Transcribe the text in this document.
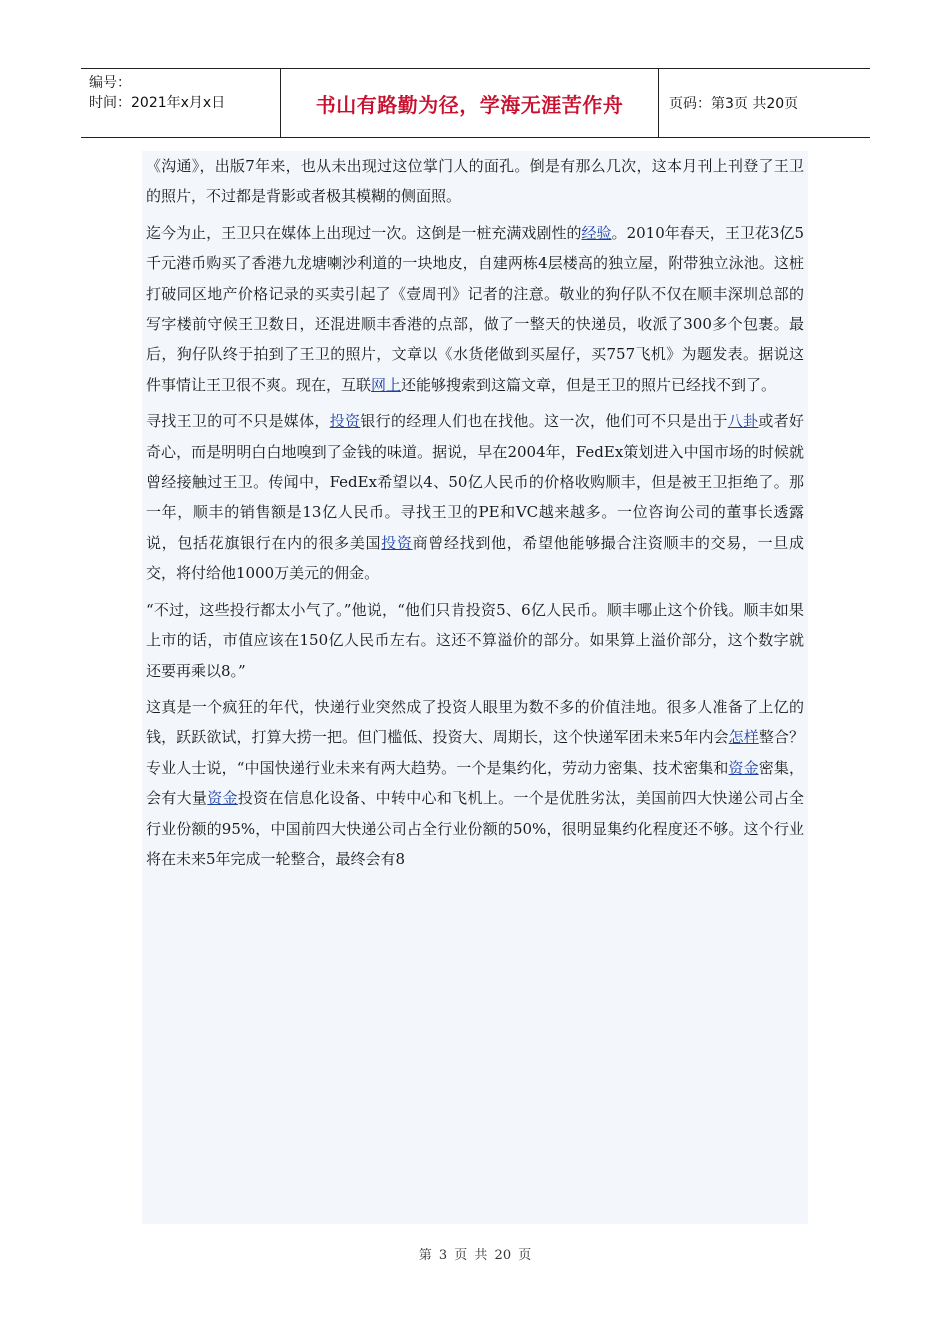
编号：
时间：2021年x月x日	书山有路勤为径，学海无涯苦作舟	页码：第3页 共20页

《沟通》，出版7年来，也从未出现过这位掌门人的面孔。倒是有那么几次，这本月刊上刊登了王卫的照片，不过都是背影或者极其模糊的侧面照。

迄今为止，王卫只在媒体上出现过一次。这倒是一桩充满戏剧性的经验。2010年春天，王卫花3亿5千元港币购买了香港九龙塘喇沙利道的一块地皮，自建两栋4层楼高的独立屋，附带独立泳池。这桩打破同区地产价格记录的买卖引起了《壹周刊》记者的注意。敬业的狗仔队不仅在顺丰深圳总部的写字楼前守候王卫数日，还混进顺丰香港的点部，做了一整天的快递员，收派了300多个包裹。最后，狗仔队终于拍到了王卫的照片，文章以《水货佬做到买屋仔，买757飞机》为题发表。据说这件事情让王卫很不爽。现在，互联网上还能够搜索到这篇文章，但是王卫的照片已经找不到了。

寻找王卫的可不只是媒体，投资银行的经理人们也在找他。这一次，他们可不只是出于八卦或者好奇心，而是明明白白地嗅到了金钱的味道。据说，早在2004年，FedEx策划进入中国市场的时候就曾经接触过王卫。传闻中，FedEx希望以4、50亿人民币的价格收购顺丰，但是被王卫拒绝了。那一年，顺丰的销售额是13亿人民币。寻找王卫的PE和VC越来越多。一位咨询公司的董事长透露说，包括花旗银行在内的很多美国投资商曾经找到他，希望他能够撮合注资顺丰的交易，一旦成交，将付给他1000万美元的佣金。

“不过，这些投行都太小气了。”他说，“他们只肯投资5、6亿人民币。顺丰哪止这个价钱。顺丰如果上市的话，市值应该在150亿人民币左右。这还不算溢价的部分。如果算上溢价部分，这个数字就还要再乘以8。”

这真是一个疯狂的年代，快递行业突然成了投资人眼里为数不多的价值洼地。很多人准备了上亿的钱，跃跃欲试，打算大捞一把。但门槛低、投资大、周期长，这个快递军团未来5年内会怎样整合？专业人士说，“中国快递行业未来有两大趋势。一个是集约化，劳动力密集、技术密集和资金密集，会有大量资金投资在信息化设备、中转中心和飞机上。一个是优胜劣汰，美国前四大快递公司占全行业份额的95%，中国前四大快递公司占全行业份额的50%，很明显集约化程度还不够。这个行业将在未来5年完成一轮整合，最终会有8

第 3 页 共 20 页
